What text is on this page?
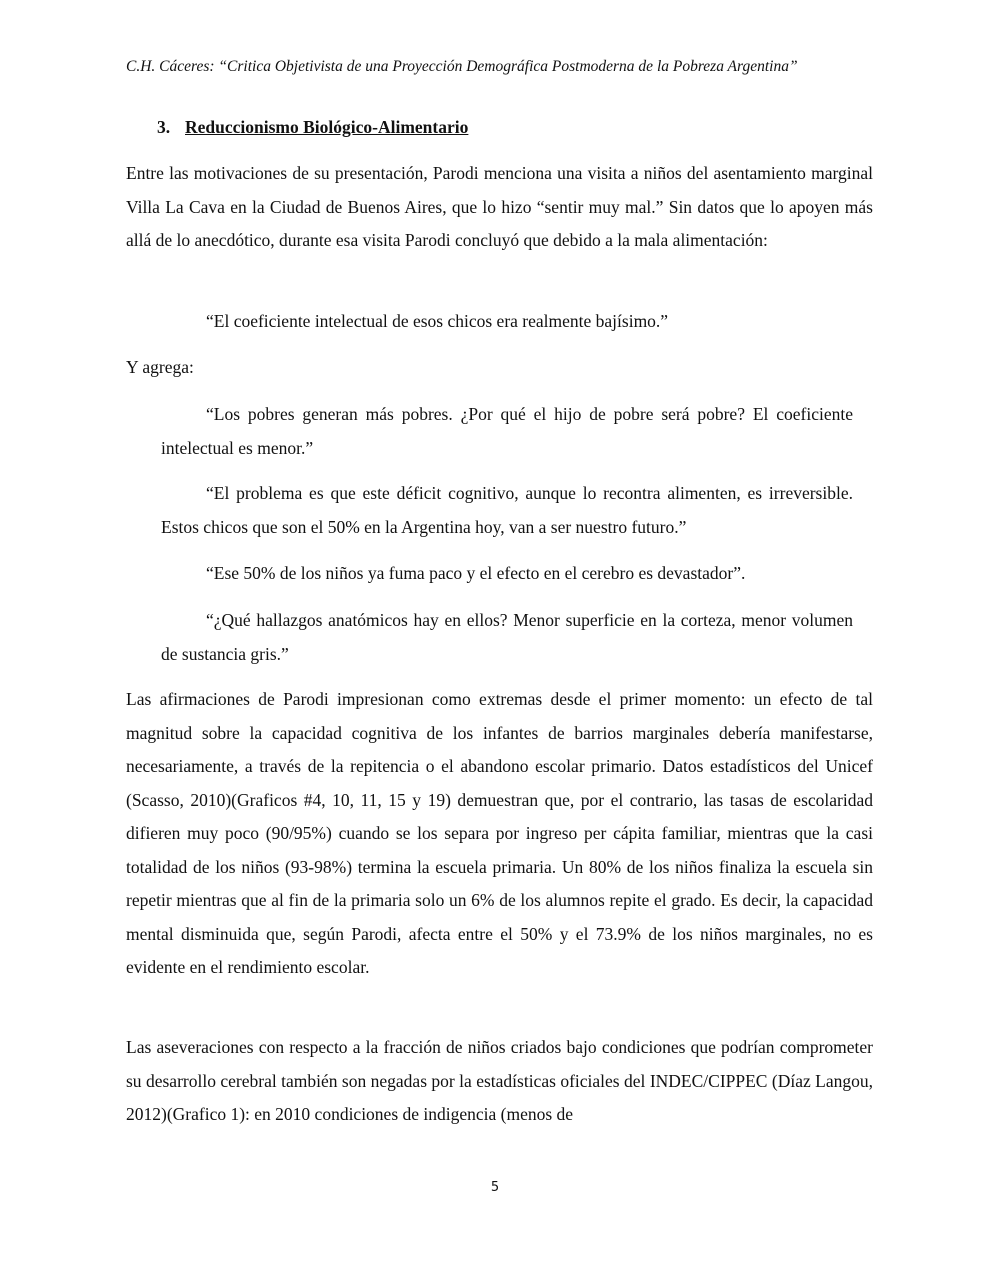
C.H. Cáceres: “Critica Objetivista de una Proyección Demográfica Postmoderna de la Pobreza Argentina”
3. Reduccionismo Biológico-Alimentario

Entre las motivaciones de su presentación, Parodi menciona una visita a niños del asentamiento marginal Villa La Cava en la Ciudad de Buenos Aires, que lo hizo “sentir muy mal.” Sin datos que lo apoyen más allá de lo anecdótico, durante esa visita Parodi concluyó que debido a la mala alimentación:

“El coeficiente intelectual de esos chicos era realmente bajísimo.”

Y agrega:

“Los pobres generan más pobres. ¿Por qué el hijo de pobre será pobre? El coeficiente intelectual es menor.”

“El problema es que este déficit cognitivo, aunque lo recontra alimenten, es irreversible. Estos chicos que son el 50% en la Argentina hoy, van a ser nuestro futuro.”

“Ese 50% de los niños ya fuma paco y el efecto en el cerebro es devastador”.

“¿Qué hallazgos anatómicos hay en ellos? Menor superficie en la corteza, menor volumen de sustancia gris.”

Las afirmaciones de Parodi impresionan como extremas desde el primer momento: un efecto de tal magnitud sobre la capacidad cognitiva de los infantes de barrios marginales debería manifestarse, necesariamente, a través de la repitencia o el abandono escolar primario. Datos estadísticos del Unicef (Scasso, 2010)(Graficos #4, 10, 11, 15 y 19) demuestran que, por el contrario, las tasas de escolaridad difieren muy poco (90/95%) cuando se los separa por ingreso per cápita familiar, mientras que la casi totalidad de los niños (93-98%) termina la escuela primaria. Un 80% de los niños finaliza la escuela sin repetir mientras que al fin de la primaria solo un 6% de los alumnos repite el grado. Es decir, la capacidad mental disminuida que, según Parodi, afecta entre el 50% y el 73.9% de los niños marginales, no es evidente en el rendimiento escolar.

Las aseveraciones con respecto a la fracción de niños criados bajo condiciones que podrían comprometer su desarrollo cerebral también son negadas por la estadísticas oficiales del INDEC/CIPPEC (Díaz Langou, 2012)(Grafico 1): en 2010 condiciones de indigencia (menos de

5
